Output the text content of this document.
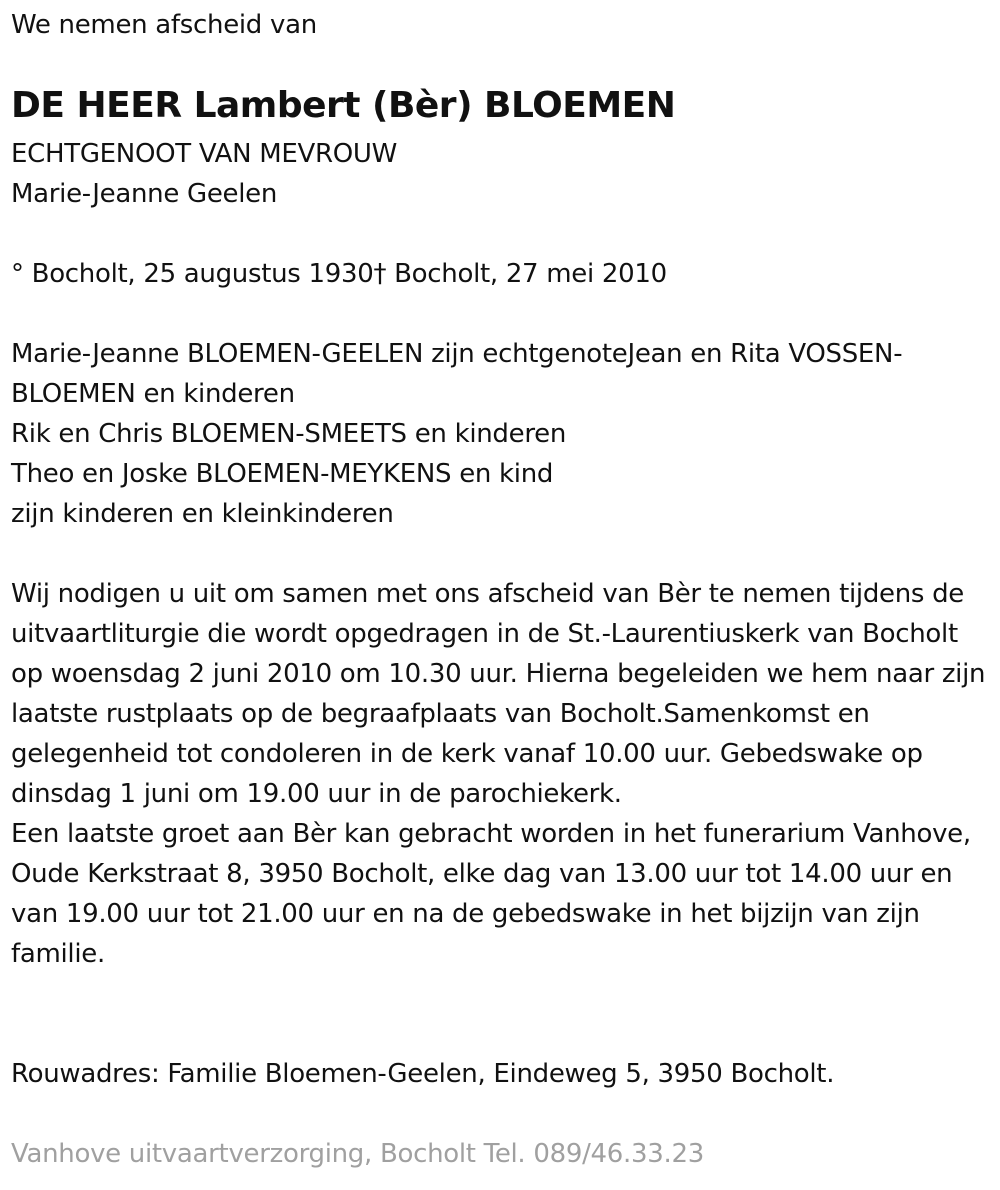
We nemen afscheid van
DE HEER Lambert (Bèr) BLOEMEN
ECHTGENOOT VAN MEVROUW
Marie-Jeanne Geelen
° Bocholt, 25 augustus 1930† Bocholt, 27 mei 2010
Marie-Jeanne BLOEMEN-GEELEN zijn echtgenoteJean en Rita VOSSEN-BLOEMEN en kinderen
Rik en Chris BLOEMEN-SMEETS en kinderen
Theo en Joske BLOEMEN-MEYKENS en kind
zijn kinderen en kleinkinderen

Wij nodigen u uit om samen met ons afscheid van Bèr te nemen tijdens de uitvaartliturgie die wordt opgedragen in de St.-Laurentiuskerk van Bocholt op woensdag 2 juni 2010 om 10.30 uur. Hierna begeleiden we hem naar zijn laatste rustplaats op de begraafplaats van Bocholt.Samenkomst en gelegenheid tot condoleren in de kerk vanaf 10.00 uur. Gebedswake op dinsdag 1 juni om 19.00 uur in de parochiekerk.

Een laatste groet aan Bèr kan gebracht worden in het funerarium Vanhove, Oude Kerkstraat 8, 3950 Bocholt, elke dag van 13.00 uur tot 14.00 uur en van 19.00 uur tot 21.00 uur en na de gebedswake in het bijzijn van zijn familie.

Rouwadres: Familie Bloemen-Geelen, Eindeweg 5, 3950 Bocholt.
Vanhove uitvaartverzorging, Bocholt Tel. 089/46.33.23
